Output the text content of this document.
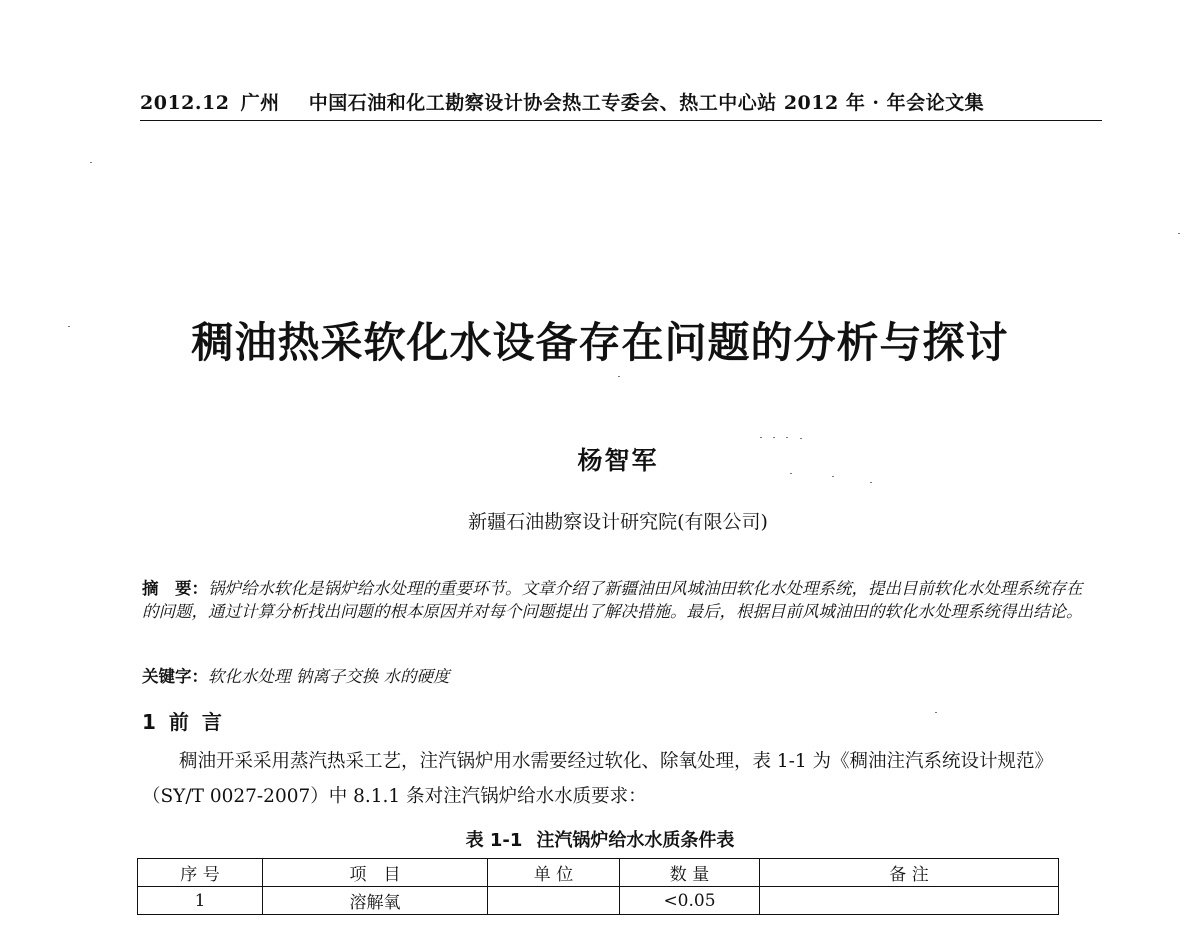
2012.12 广州 中国石油和化工勘察设计协会热工专委会、热工中心站 2012 年 · 年会论文集
稠油热采软化水设备存在问题的分析与探讨
杨智军
新疆石油勘察设计研究院(有限公司)
摘　要：锅炉给水软化是锅炉给水处理的重要环节。文章介绍了新疆油田风城油田软化水处理系统，提出目前软化水处理系统存在的问题，通过计算分析找出问题的根本原因并对每个问题提出了解决措施。最后，根据目前风城油田的软化水处理系统得出结论。
关键字：软化水处理 钠离子交换 水的硬度
1 前 言
稠油开采采用蒸汽热采工艺，注汽锅炉用水需要经过软化、除氧处理，表 1-1 为《稠油注汽系统设计规范》（SY/T 0027-2007）中 8.1.1 条对注汽锅炉给水水质要求：
表 1-1 注汽锅炉给水水质条件表
序 号	项　目	单 位	数 量	备 注
1	溶解氧		<0.05	
